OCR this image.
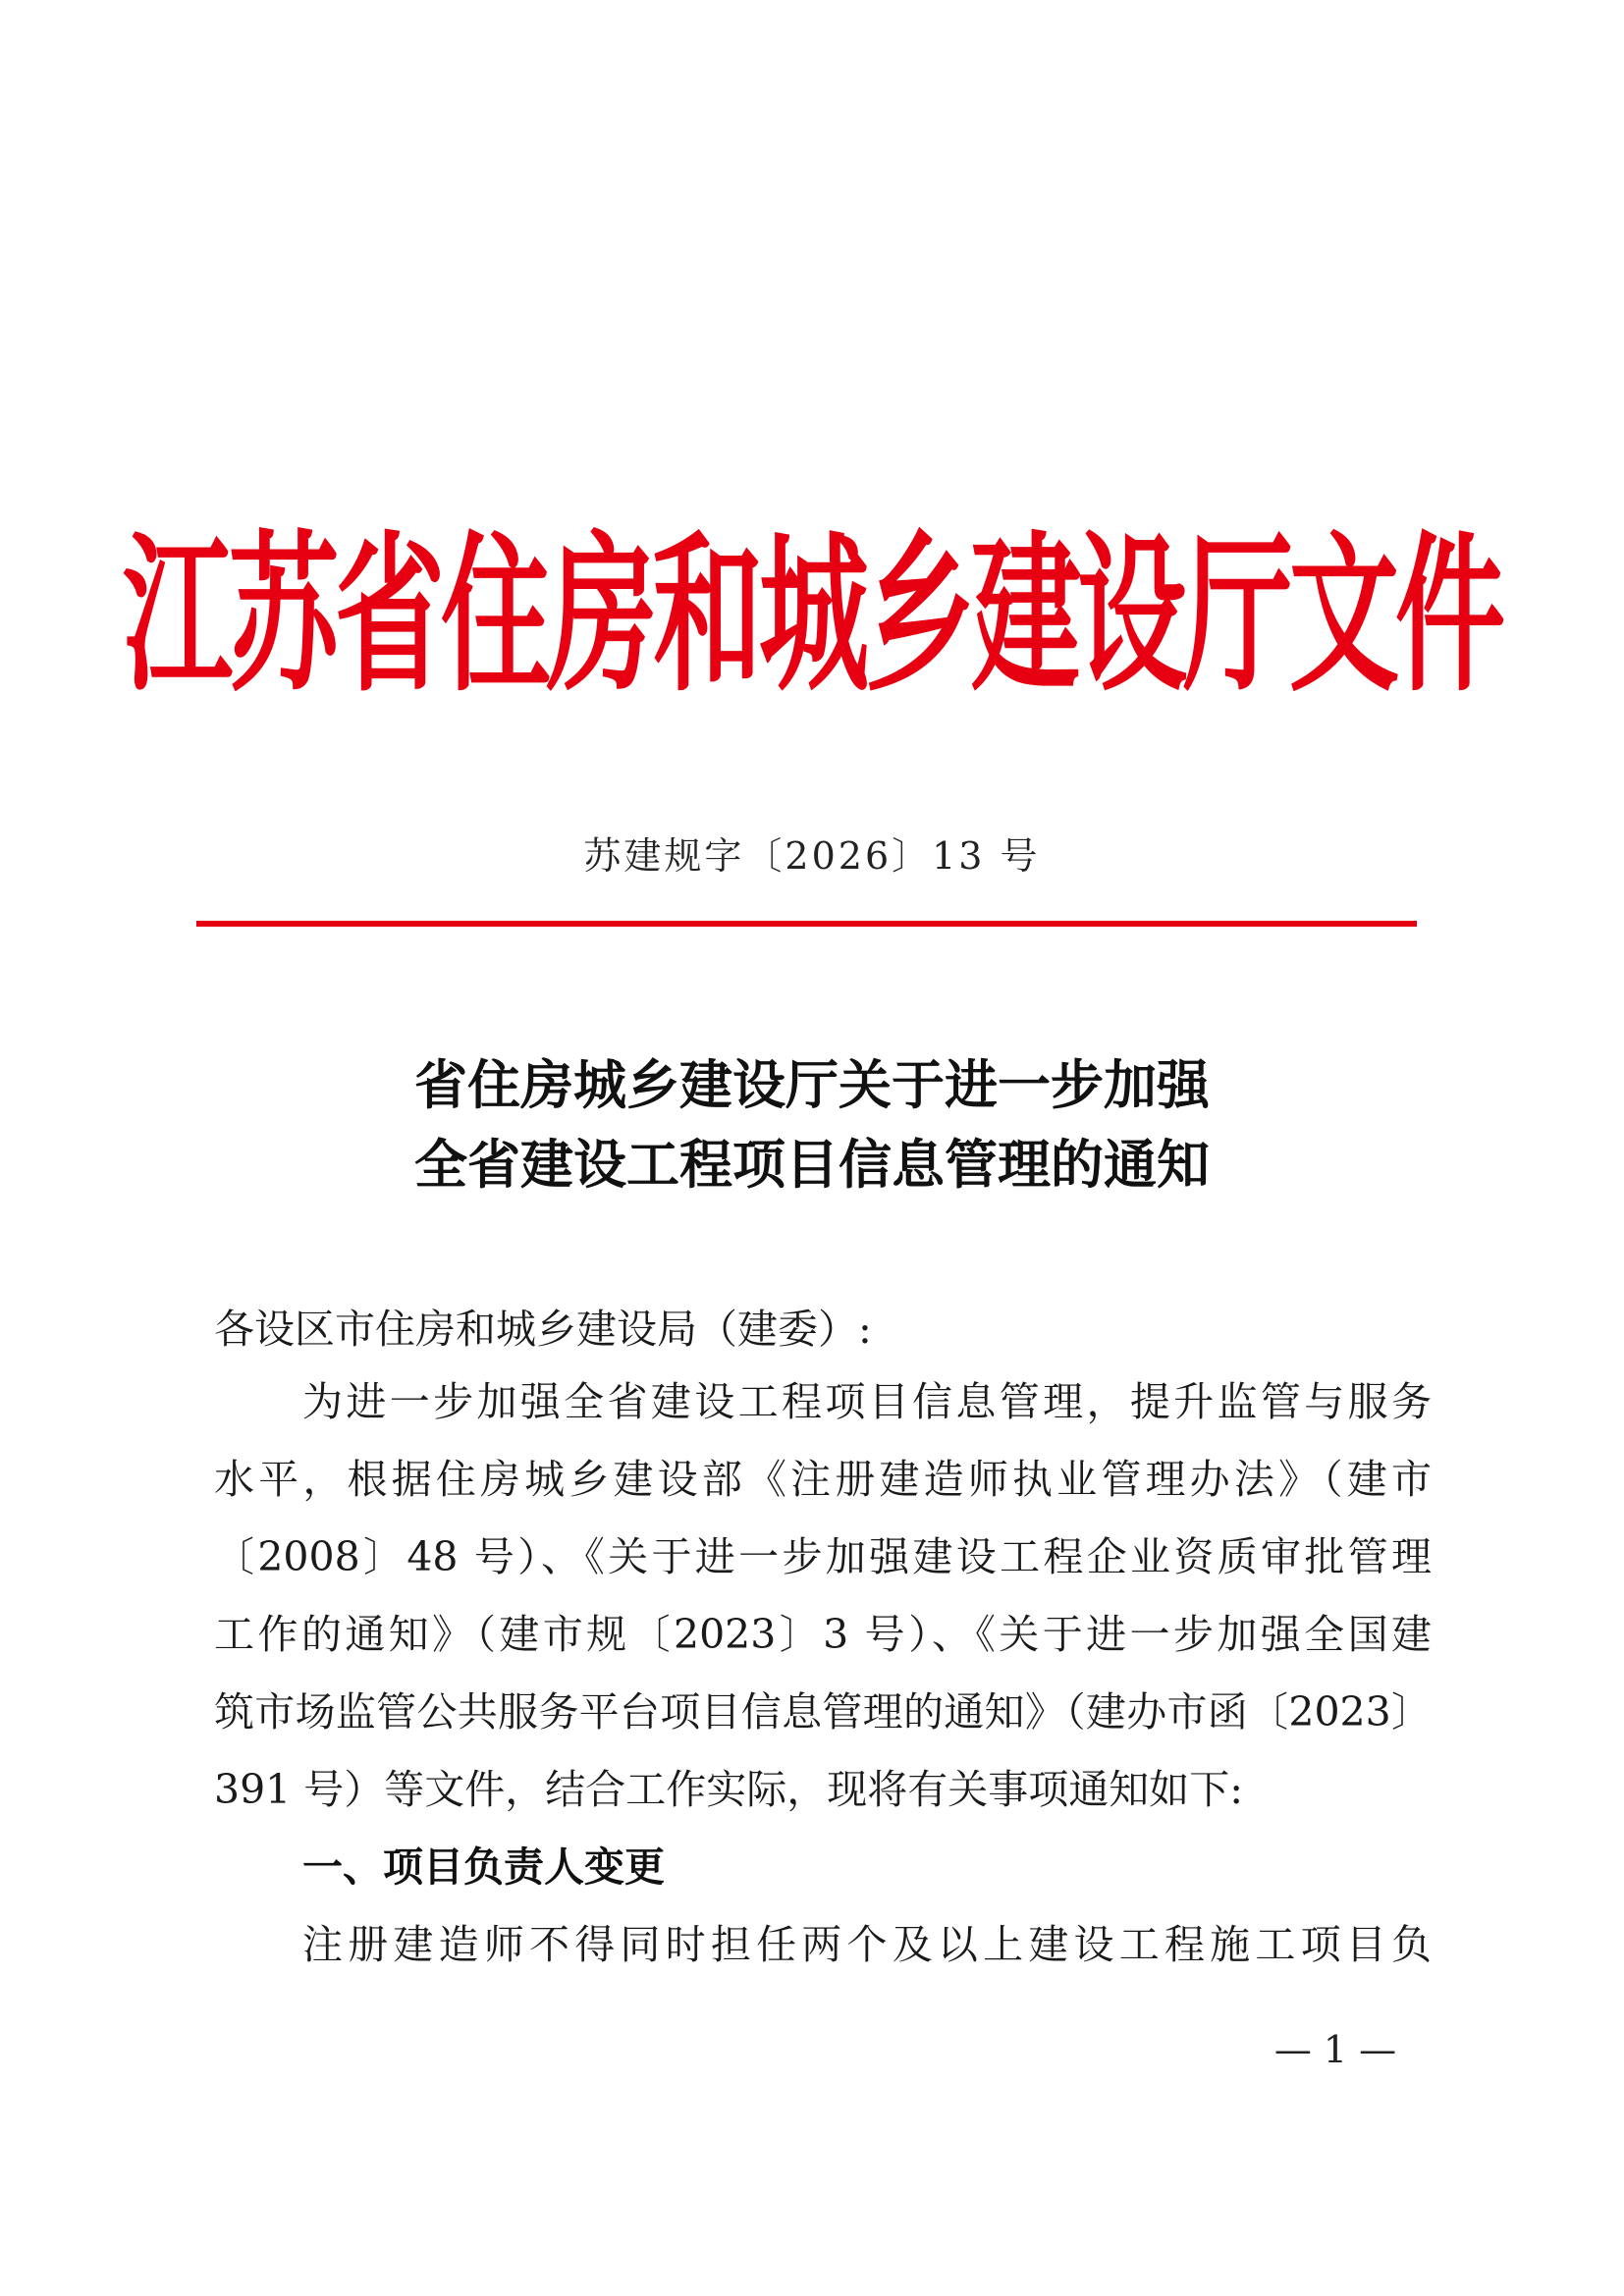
江苏省住房和城乡建设厅文件
苏建规字〔2026〕13 号
省住房城乡建设厅关于进一步加强
全省建设工程项目信息管理的通知
各设区市住房和城乡建设局（建委）:
为进一步加强全省建设工程项目信息管理，提升监管与服务
水平，根据住房城乡建设部《注册建造师执业管理办法》（建市
〔2008〕48 号）、《关于进一步加强建设工程企业资质审批管理
工作的通知》（建市规〔2023〕3 号）、《关于进一步加强全国建
筑市场监管公共服务平台项目信息管理的通知》（建办市函〔2023〕
391 号）等文件，结合工作实际，现将有关事项通知如下:
一、项目负责人变更
注册建造师不得同时担任两个及以上建设工程施工项目负
— 1 —
